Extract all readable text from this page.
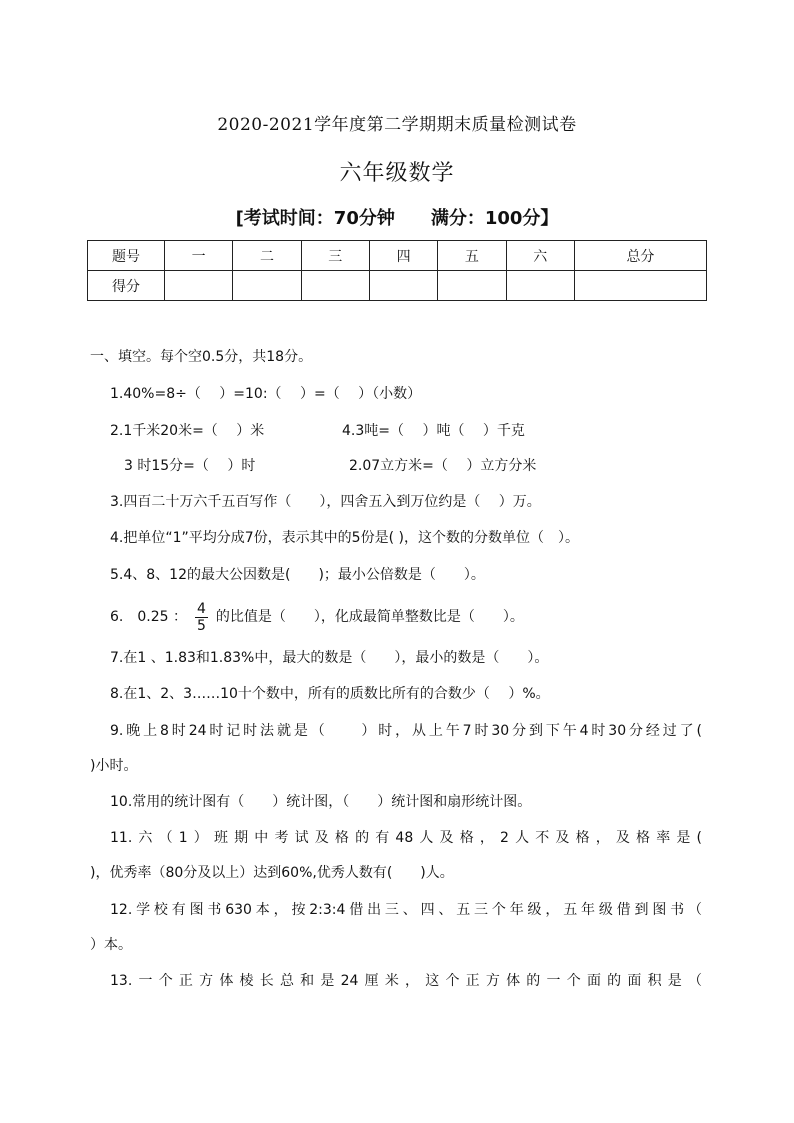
2020-2021学年度第二学期期末质量检测试卷
六年级数学
[考试时间：70分钟 满分：100分】
题号	一	二	三	四	五	六	总分
得分							
一、填空。每个空0.5分，共18分。
1.40%=8÷（　 ）=10:（　 ）=（　 ）（小数）
2.1千米20米=（　 ）米	4.3吨=（　 ）吨（　 ）千克
3 时15分=（　 ）时	2.07立方米=（　 ）立方分米
3.四百二十万六千五百写作（　　），四舍五入到万位约是（　 ）万。
4.把单位“1”平均分成7份，表示其中的5份是( )，这个数的分数单位（　）。
5.4、8、12的最大公因数是(　　)；最小公倍数是（　　）。
6.　0.25 ： $\frac{4}{5}$ 的比值是（　　），化成最简单整数比是（　　）。
7.在1 、1.83和1.83%中，最大的数是（　　），最小的数是（　　）。
8.在1、2、3……10十个数中，所有的质数比所有的合数少（　 ）%。
9.晚上8时24时记时法就是（　　）时，从上午7时30分到下午4时30分经过了(
)小时。
10.常用的统计图有（　　）统计图，（　　）统计图和扇形统计图。
11.六（1）班期中考试及格的有48人及格，2人不及格，及格率是(
)，优秀率（80分及以上）达到60%,优秀人数有(　　)人。
12.学校有图书630本，按2:3:4借出三、四、五三个年级，五年级借到图书（
）本。
13.一个正方体棱长总和是24厘米，这个正方体的一个面的面积是（
